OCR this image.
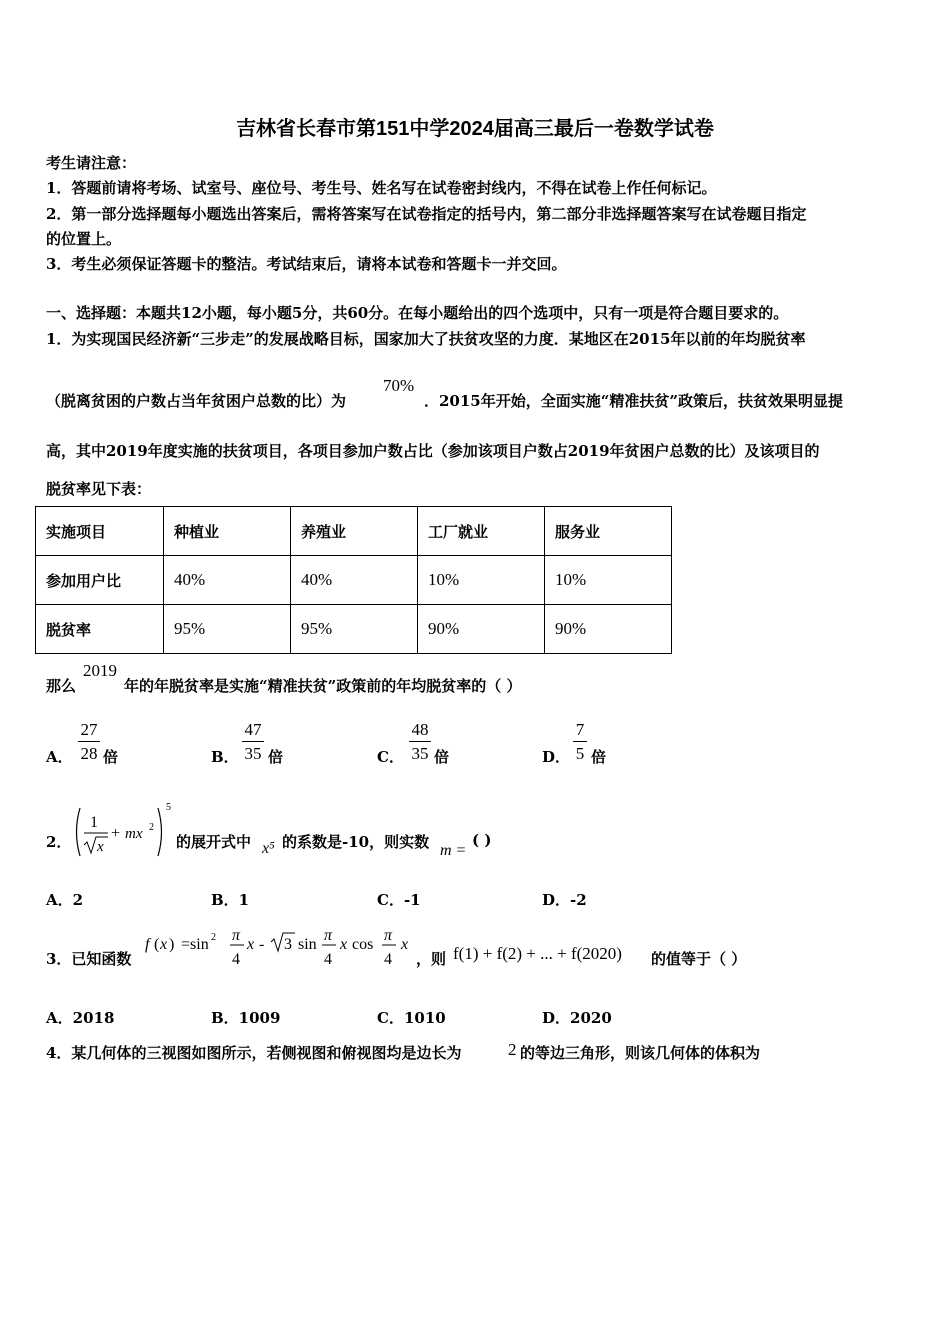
吉林省长春市第151中学2024届高三最后一卷数学试卷
考生请注意：
1．答题前请将考场、试室号、座位号、考生号、姓名写在试卷密封线内，不得在试卷上作任何标记。
2．第一部分选择题每小题选出答案后，需将答案写在试卷指定的括号内，第二部分非选择题答案写在试卷题目指定
的位置上。
3．考生必须保证答题卡的整洁。考试结束后，请将本试卷和答题卡一并交回。
一、选择题：本题共12小题，每小题5分，共60分。在每小题给出的四个选项中，只有一项是符合题目要求的。
1．为实现国民经济新“三步走”的发展战略目标，国家加大了扶贫攻坚的力度．某地区在2015年以前的年均脱贫率
（脱离贫困的户数占当年贫困户总数的比）为
70%
．2015年开始，全面实施“精准扶贫”政策后，扶贫效果明显提
高，其中2019年度实施的扶贫项目，各项目参加户数占比（参加该项目户数占2019年贫困户总数的比）及该项目的
脱贫率见下表：
实施项目	种植业	养殖业	工厂就业	服务业
参加用户比	40%	40%	10%	10%
脱贫率	95%	95%	90%	90%
那么
2019
年的年脱贫率是实施“精准扶贫”政策前的年均脱贫率的（ ）
A．
27
28 倍	B．
47
35 倍	C．
48
35 倍	D．
7
5 倍
2．
1
x
+ mx 2
5
的展开式中 x⁵ 的系数是-10，则实数 m =
( )
A．2	B．1	C．-1	D．-2
3．已知函数
f ( x ) =sin 2 π
4
x - 3 sin
π
4
x cos
π
4
x
，则 f(1) + f(2) + ... + f(2020) 的值等于（ ）
A．2018	B．1009	C．1010	D．2020
4．某几何体的三视图如图所示，若侧视图和俯视图均是边长为	2 的等边三角形，则该几何体的体积为
